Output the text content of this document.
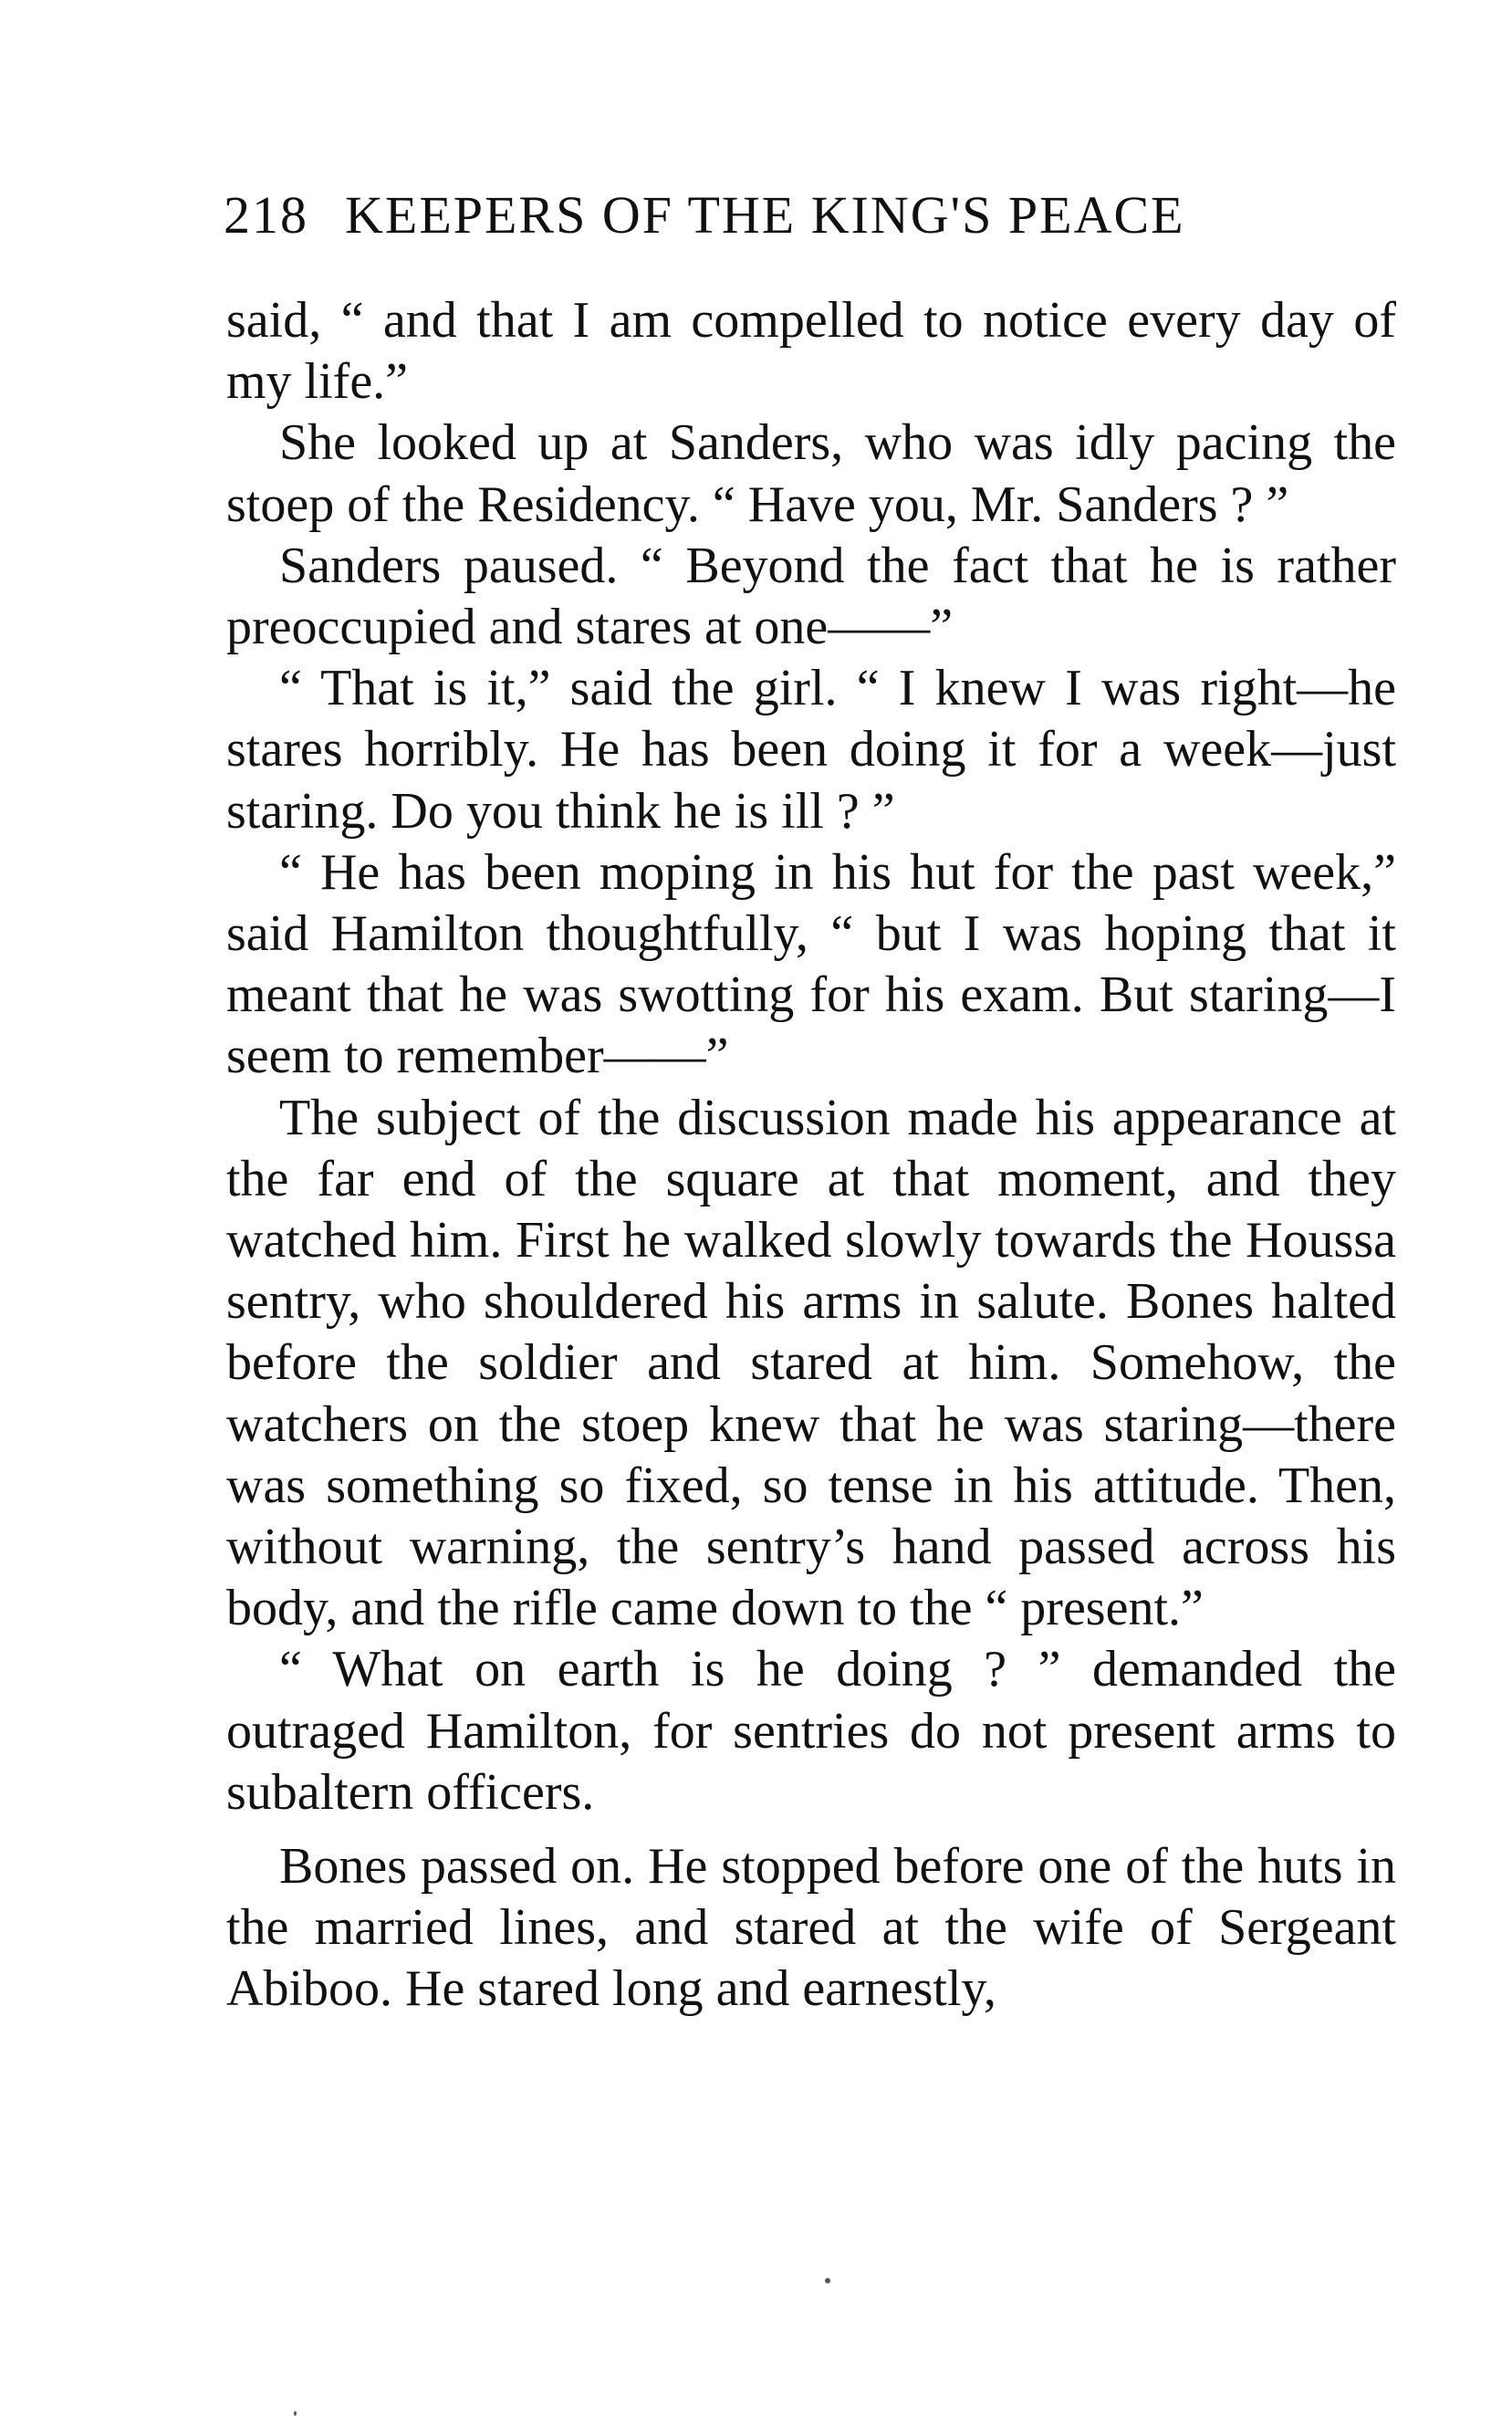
218 KEEPERS OF THE KING'S PEACE

said, “ and that I am compelled to notice every day of my life.”

She looked up at Sanders, who was idly pacing the stoep of the Residency. “ Have you, Mr. Sanders ? ”

Sanders paused. “ Beyond the fact that he is rather preoccupied and stares at one——”

“ That is it,” said the girl. “ I knew I was right—he stares horribly. He has been doing it for a week—just staring. Do you think he is ill ? ”

“ He has been moping in his hut for the past week,” said Hamilton thoughtfully, “ but I was hoping that it meant that he was swotting for his exam. But staring—I seem to remember——”

The subject of the discussion made his appearance at the far end of the square at that moment, and they watched him. First he walked slowly towards the Houssa sentry, who shouldered his arms in salute. Bones halted before the soldier and stared at him. Somehow, the watchers on the stoep knew that he was staring—there was something so fixed, so tense in his attitude. Then, without warning, the sentry’s hand passed across his body, and the rifle came down to the “ present.”

“ What on earth is he doing ? ” demanded the outraged Hamilton, for sentries do not present arms to subaltern officers.

Bones passed on. He stopped before one of the huts in the married lines, and stared at the wife of Sergeant Abiboo. He stared long and earnestly,
